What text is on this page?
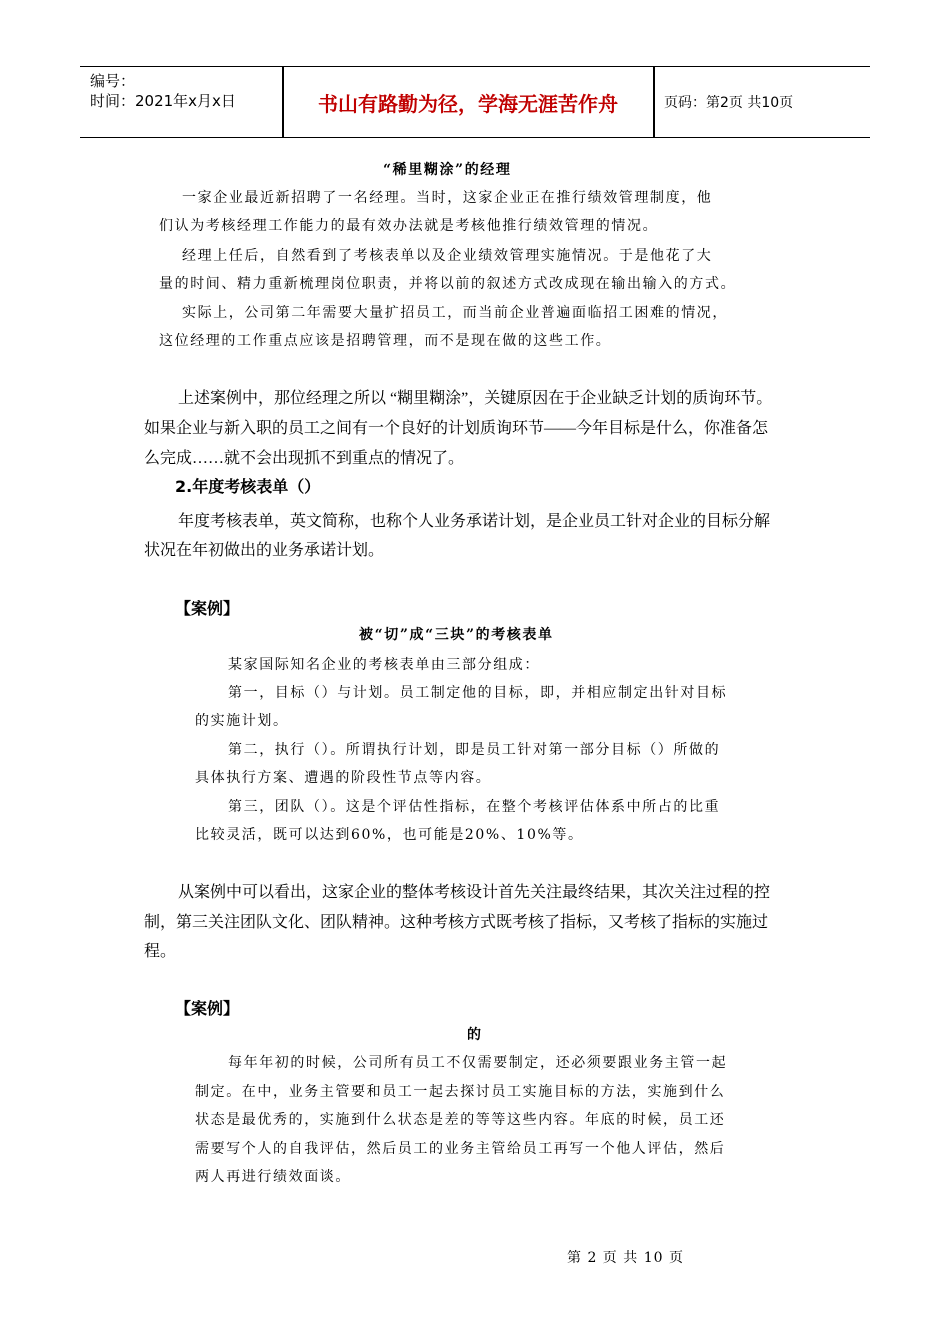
编号：
时间：2021年x月x日	书山有路勤为径，学海无涯苦作舟	页码：第2页 共10页
“稀里糊涂”的经理
一家企业最近新招聘了一名经理。当时，这家企业正在推行绩效管理制度，他
们认为考核经理工作能力的最有效办法就是考核他推行绩效管理的情况。
经理上任后，自然看到了考核表单以及企业绩效管理实施情况。于是他花了大
量的时间、精力重新梳理岗位职责，并将以前的叙述方式改成现在输出输入的方式。
实际上，公司第二年需要大量扩招员工，而当前企业普遍面临招工困难的情况，
这位经理的工作重点应该是招聘管理，而不是现在做的这些工作。
上述案例中，那位经理之所以 “糊里糊涂”，关键原因在于企业缺乏计划的质询环节。
如果企业与新入职的员工之间有一个良好的计划质询环节——今年目标是什么，你准备怎
么完成……就不会出现抓不到重点的情况了。
2.年度考核表单（）
年度考核表单，英文简称，也称个人业务承诺计划，是企业员工针对企业的目标分解
状况在年初做出的业务承诺计划。
【案例】
被“切”成“三块”的考核表单
某家国际知名企业的考核表单由三部分组成：
第一，目标（）与计划。员工制定他的目标，即，并相应制定出针对目标
的实施计划。
第二，执行（）。所谓执行计划，即是员工针对第一部分目标（）所做的
具体执行方案、遭遇的阶段性节点等内容。
第三，团队（）。这是个评估性指标，在整个考核评估体系中所占的比重
比较灵活，既可以达到60%，也可能是20%、10%等。
从案例中可以看出，这家企业的整体考核设计首先关注最终结果，其次关注过程的控
制，第三关注团队文化、团队精神。这种考核方式既考核了指标，又考核了指标的实施过
程。
【案例】
的
每年年初的时候，公司所有员工不仅需要制定，还必须要跟业务主管一起
制定。在中，业务主管要和员工一起去探讨员工实施目标的方法，实施到什么
状态是最优秀的，实施到什么状态是差的等等这些内容。年底的时候，员工还
需要写个人的自我评估，然后员工的业务主管给员工再写一个他人评估，然后
两人再进行绩效面谈。
第 2 页 共 10 页
